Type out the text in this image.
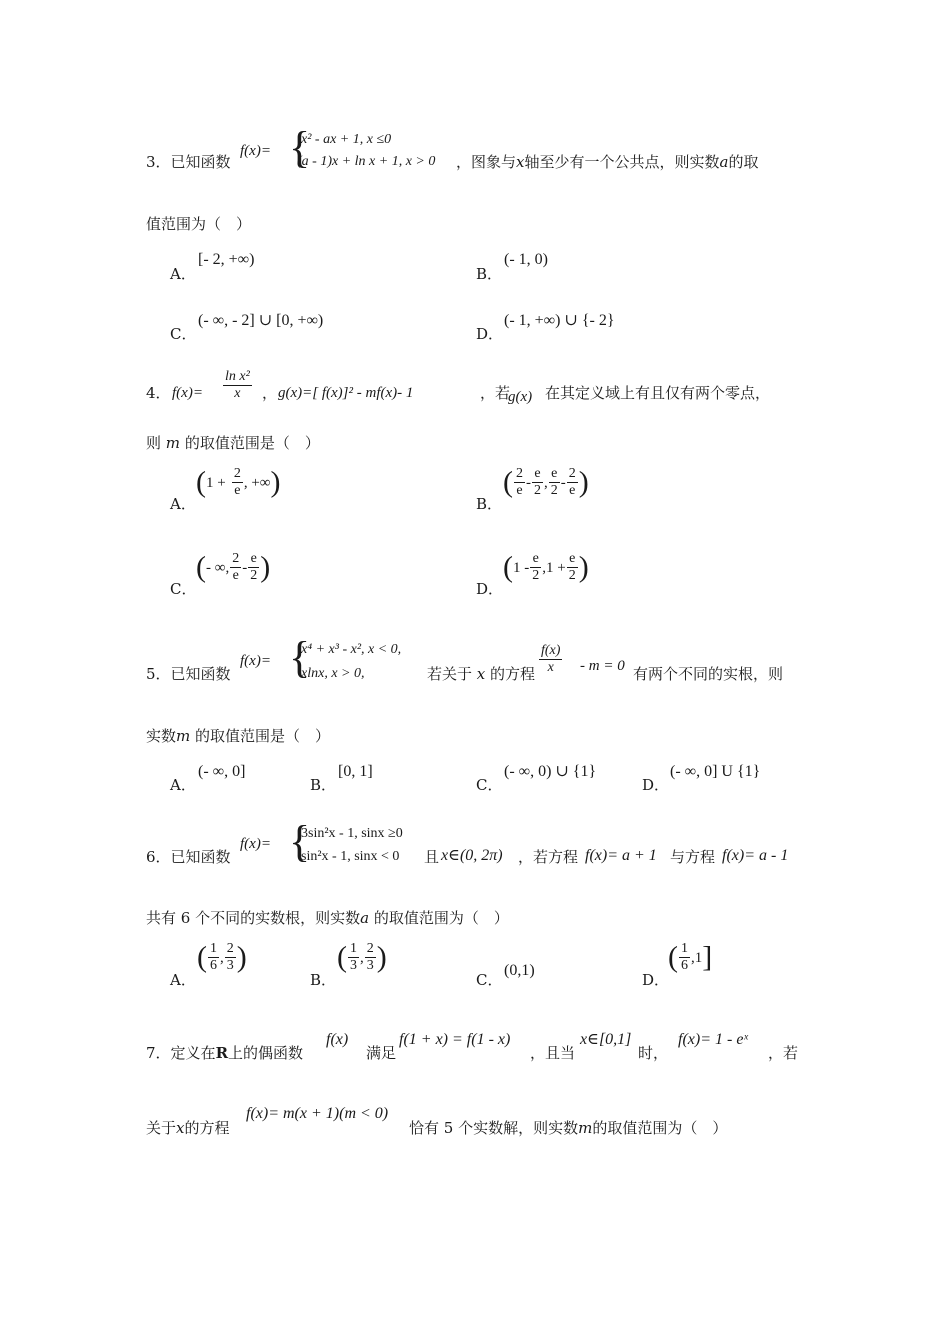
3．已知函数
f(x)= {
x² - ax + 1, x ≤0
(a - 1)x + ln x + 1, x > 0 ，图象与x轴至少有一个公共点，则实数a的取
值范围为（　）
A．
[- 2, +∞)
B．
(- 1, 0)
C．
(- ∞, - 2] ∪ [0, +∞)
D．
(- 1, +∞) ∪ {- 2}
4． $f(x)= \frac{\text{ln x²}}{x}$ ， g(x)=[ f(x)]² - mf(x)- 1	，若
g(x) 在其定义域上有且仅有两个零点，
则 m 的取值范围是（　）
A．
($1 + \frac{2}{e}$ , +∞)
B．
( $\frac{2}{e} - \frac{e}{2}$ , $\frac{e}{2} - \frac{2}{e}$ )
C．
(- ∞, $\frac{2}{e} - \frac{e}{2}$ )
D．
($1 - \frac{e}{2} ,1 + \frac{e}{2}$ )
5．已知函数
f(x)= {
x⁴ + x³ - x², x < 0,
xlnx, x > 0,	若关于 x 的方程 $\frac{f(x)}{x} - m = 0$ 有两个不同的实根，则
实数m 的取值范围是（　）
A．
(- ∞, 0]
B．
[0, 1]
C．
(- ∞, 0) ∪ {1}
D．
(- ∞, 0] U {1}
6．已知函数
f(x)= {
3sin²x - 1, sinx ≥0
sin²x - 1, sinx < 0 且 x∈(0, 2π) ，若方程 f(x)= a + 1 与方程 f(x)= a - 1
共有 6 个不同的实数根，则实数a 的取值范围为（　）
A．
( $\frac{1}{6}$ , $\frac{2}{3}$ )
B．
( $\frac{1}{3}$ , $\frac{2}{3}$ )
C．
(0,1)
D．
( $\frac{1}{6} ,1$]
7．定义在R上的偶函数
f(x)
满足
f(1 + x) = f(1 - x)
，且当
x∈[0,1]
时，
f(x)= 1 - eˣ
，若
关于x的方程
f(x)= m(x + 1)(m < 0)
恰有 5 个实数解，则实数m的取值范围为（　）
